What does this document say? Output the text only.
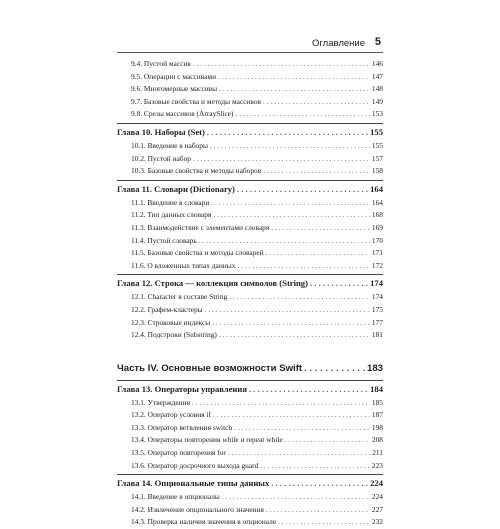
Оглавление 5
9.4. Пустой массив . . .	146
9.5. Операции с массивами . . .	147
9.6. Многомерные массивы . . .	148
9.7. Базовые свойства и методы массивов . . .	149
9.8. Срезы массивов (ArraySlice) . . .	153
Глава 10. Наборы (Set) . . .	155
10.1. Введение в наборы . . .	155
10.2. Пустой набор . . .	157
10.3. Базовые свойства и методы наборов . . .	158
Глава 11. Словари (Dictionary) . . .	164
11.1. Введение в словари . . .	164
11.2. Тип данных словаря . . .	168
11.3. Взаимодействие с элементами словаря . . .	169
11.4. Пустой словарь . . .	170
11.5. Базовые свойства и методы словарей . . .	171
11.6. О вложенных типах данных . . .	172
Глава 12. Строка — коллекция символов (String) . . .	174
12.1. Character в составе String . . .	174
12.2. Графем-кластеры . . .	175
12.3. Строковые индексы . . .	177
12.4. Подстроки (Substring) . . .	181
Часть IV. Основные возможности Swift . . .	183
Глава 13. Операторы управления . . .	184
13.1. Утверждения . . .	185
13.2. Оператор условия if . . .	187
13.3. Оператор ветвления switch . . .	198
13.4. Операторы повторения while и repeat while . . .	208
13.5. Оператор повторения for . . .	211
13.6. Оператор досрочного выхода guard . . .	223
Глава 14. Опциональные типы данных . . .	224
14.1. Введение в опционалы . . .	224
14.2. Извлечение опционального значения . . .	227
14.3. Проверка наличия значения в опционале . . .	232
